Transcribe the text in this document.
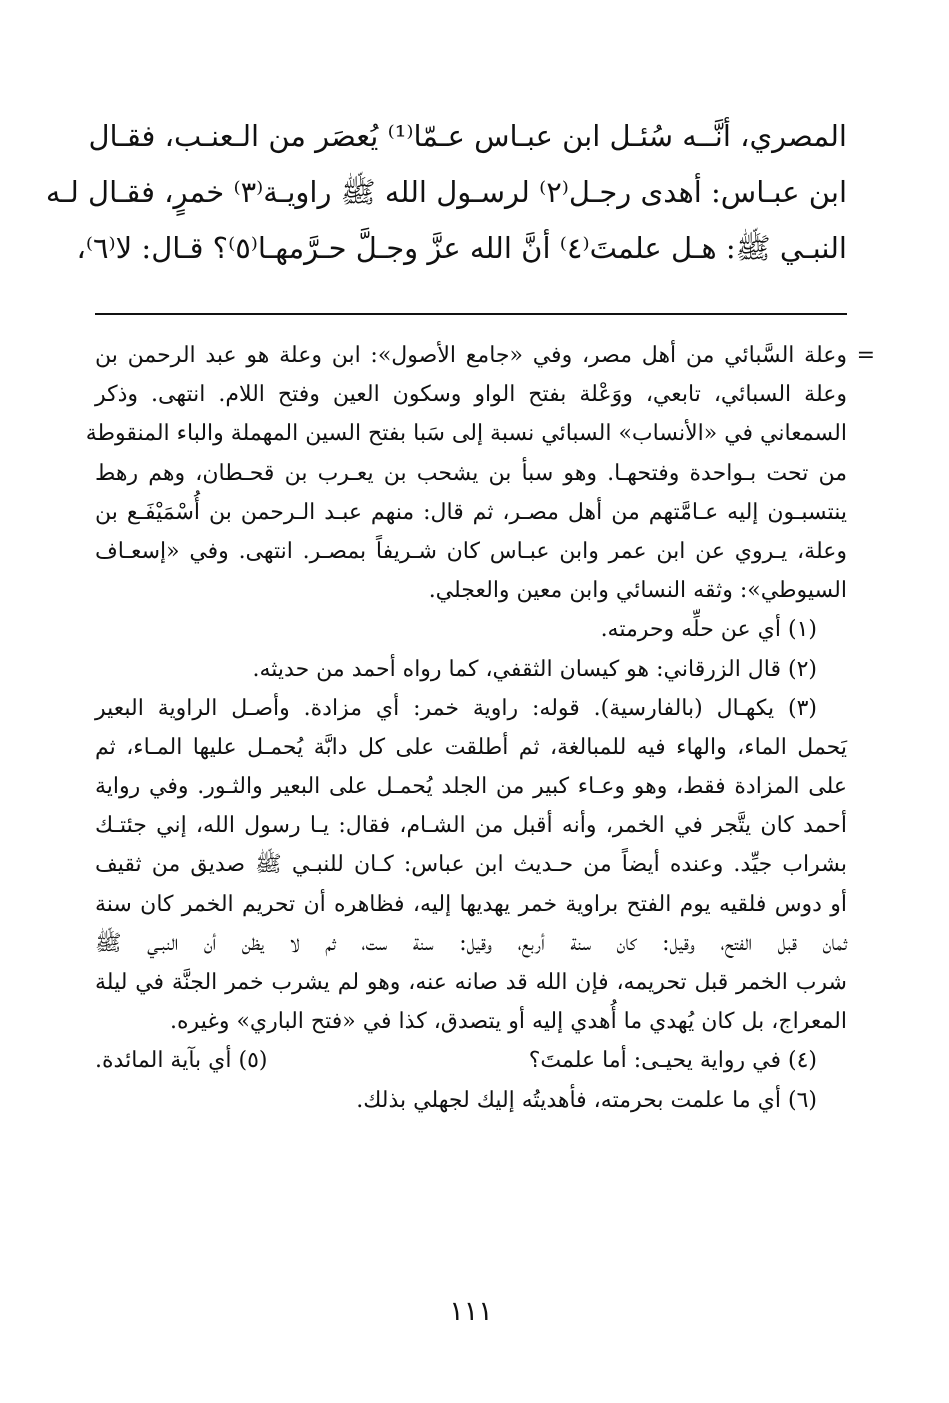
المصري، أنَّــه سُئـل ابن عبـاس عـمّا⁽¹⁾ يُعصَر من الـعنـب، فقـال
ابن عبـاس: أهدى رجـل⁽٢⁾ لرسـول الله ﷺ راويـة⁽٣⁾ خمرٍ، فقـال لـه
النبـي ﷺ: هـل علمتَ⁽٤⁾ أنَّ الله عزَّ وجـلَّ حـرَّمهـا⁽٥⁾؟ قـال: لا⁽٦⁾،
=
وعلة السَّبائي من أهل مصر، وفي «جامع الأصول»: ابن وعلة هو عبد الرحمن بن
وعلة السبائي، تابعي، ووَعْلة بفتح الواو وسكون العين وفتح اللام. انتهى. وذكر
السمعاني في «الأنساب» السبائي نسبة إلى سَبا بفتح السين المهملة والباء المنقوطة
من تحت بـواحدة وفتحهـا. وهو سبأ بن يشحب بن يعـرب بن قحـطان، وهم رهط
ينتسبـون إليه عـامَّتهم من أهل مصـر، ثم قال: منهم عبـد الـرحمن بن أُسْمَيْفَـع بن
وعلة، يـروي عن ابن عمر وابن عبـاس كان شـريفاً بمصـر. انتهى. وفي «إسعـاف
السيوطي»: وثقه النسائي وابن معين والعجلي.
(١) أي عن حلِّه وحرمته.
(٢) قال الزرقاني: هو كيسان الثقفي، كما رواه أحمد من حديثه.
(٣) يكهـال (بالفارسية). قوله: راوية خمر: أي مزادة. وأصـل الراوية البعير
يَحمل الماء، والهاء فيه للمبالغة، ثم أطلقت على كل دابَّة يُحمـل عليها المـاء، ثم
على المزادة فقط، وهو وعـاء كبير من الجلد يُحمـل على البعير والثـور. وفي رواية
أحمد كان يتَّجر في الخمر، وأنه أقبل من الشـام، فقال: يـا رسول الله، إني جئتـك
بشراب جيِّد. وعنده أيضاً من حـديث ابن عباس: كـان للنبـي ﷺ صديق من ثقيف
أو دوس فلقيه يوم الفتح براوية خمر يهديها إليه، فظاهره أن تحريم الخمر كان سنة
ثمان قبل الفتح، وقيل: كان سنة أربع، وقيل: سنة ست، ثم لا يظن أن النبـي ﷺ
شرب الخمر قبل تحريمه، فإن الله قد صانه عنه، وهو لم يشرب خمر الجنَّة في ليلة
المعراج، بل كان يُهدي ما أُهدي إليه أو يتصدق، كذا في «فتح الباري» وغيره.
(٤) في رواية يحيـى: أما علمتَ؟
(٥) أي بآية المائدة.
(٦) أي ما علمت بحرمته، فأهديتُه إليك لجهلي بذلك.
١١١
